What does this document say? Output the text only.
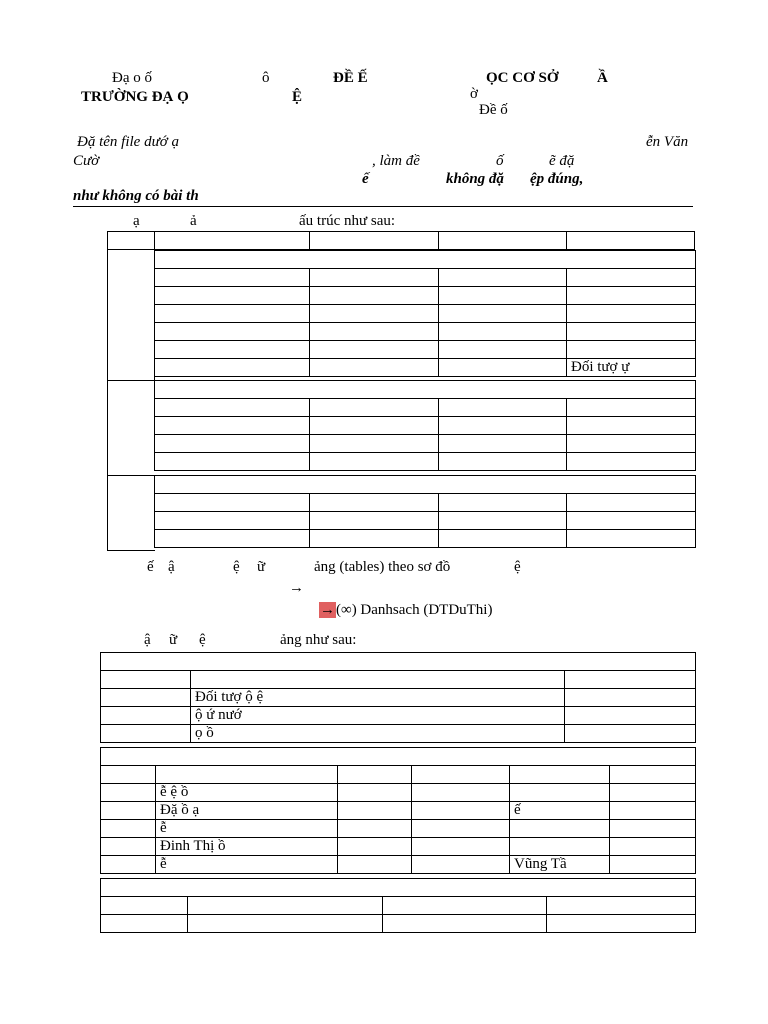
Đạ o ố	ô	ĐỀ Ế	ỌC CƠ SỞ	Ầ
TRƯỜNG ĐẠ Ọ	Ệ	ờ
Đề ố
Đặ tên file dướ ạ	ễn Văn
Cườ	, làm đề	ố	ẽ đặ
ế	không đặ ệp đúng,
như không có bài th
ạ	ả	ấu trúc như sau:

			Đối tượ ự

ế ậ	ệ ữ	ảng (tables) theo sơ đồ	ệ
→
→(∞) Danhsach (DTDuThi)
ậ ữ ệ	ảng như sau:

	Đối tượ ộ ệ	
	ộ ứ nướ	
	ọ ồ	

	ễ ệ ồ				
	Đặ ồ ạ			ế	
	ễ				
	Đinh Thị ồ				
	ễ			Vũng Tầ	
